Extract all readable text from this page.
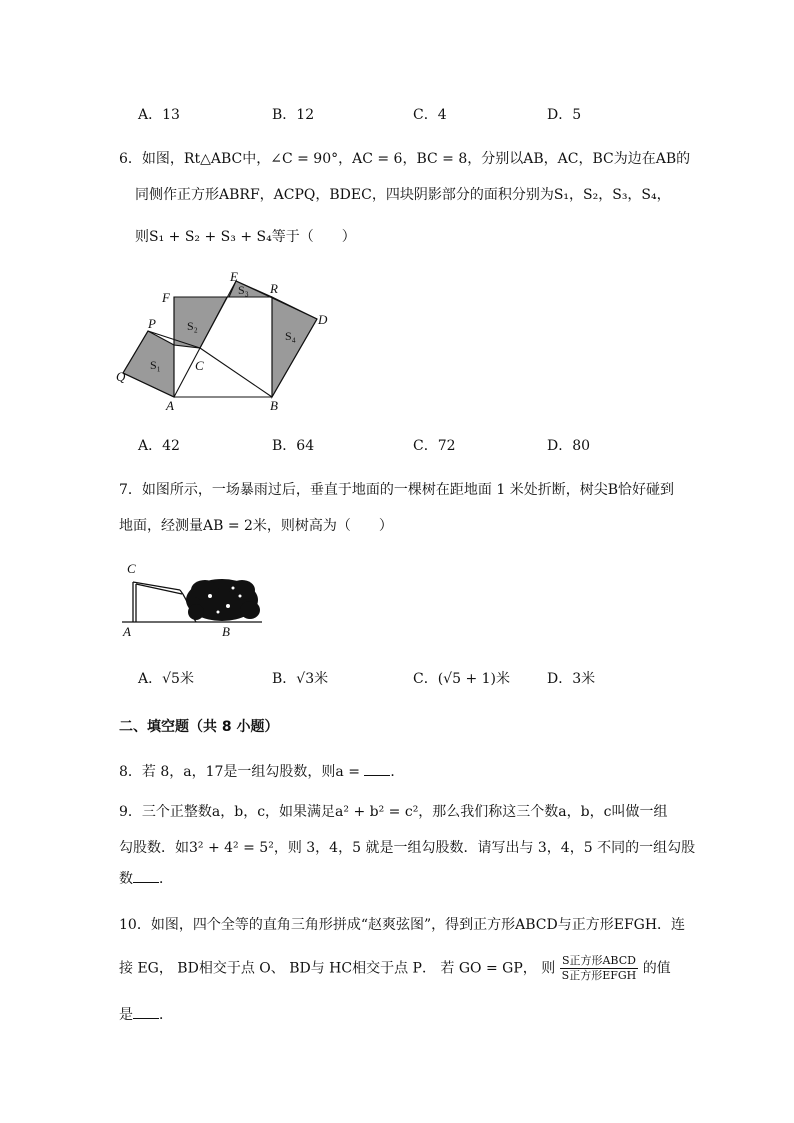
A．13	B．12	C．4	D．5
6．如图，Rt△ABC中，∠C = 90°，AC = 6，BC = 8，分别以AB，AC，BC为边在AB的
同侧作正方形ABRF，ACPQ，BDEC，四块阴影部分的面积分别为S₁，S₂，S₃，S₄，
则S₁ + S₂ + S₃ + S₄等于（　　）
F
E
R
D
P
Q
C
A	B
S₁
S₂
S₃
S₄
A．42	B．64	C．72	D．80
7．如图所示，一场暴雨过后，垂直于地面的一棵树在距地面 1 米处折断，树尖B恰好碰到
地面，经测量AB = 2米，则树高为（　　）
C
A	B
A．√5米	B．√3米	C．(√5 + 1)米	D．3米
二、填空题（共 8 小题）
8．若 8，a，17是一组勾股数，则a = ．
9．三个正整数a，b，c，如果满足a² + b² = c²，那么我们称这三个数a，b，c叫做一组
勾股数．如3² + 4² = 5²，则 3，4，5 就是一组勾股数．请写出与 3，4，5 不同的一组勾股
数 ．
10．如图，四个全等的直角三角形拼成“赵爽弦图”，得到正方形ABCD与正方形EFGH．连
接 EG， BD相交于点 O、 BD与 HC相交于点 P． 若 GO = GP， 则 $\frac{\text{S正方形ABCD}}{\text{S正方形EFGH}}$ 的值
是 ．
